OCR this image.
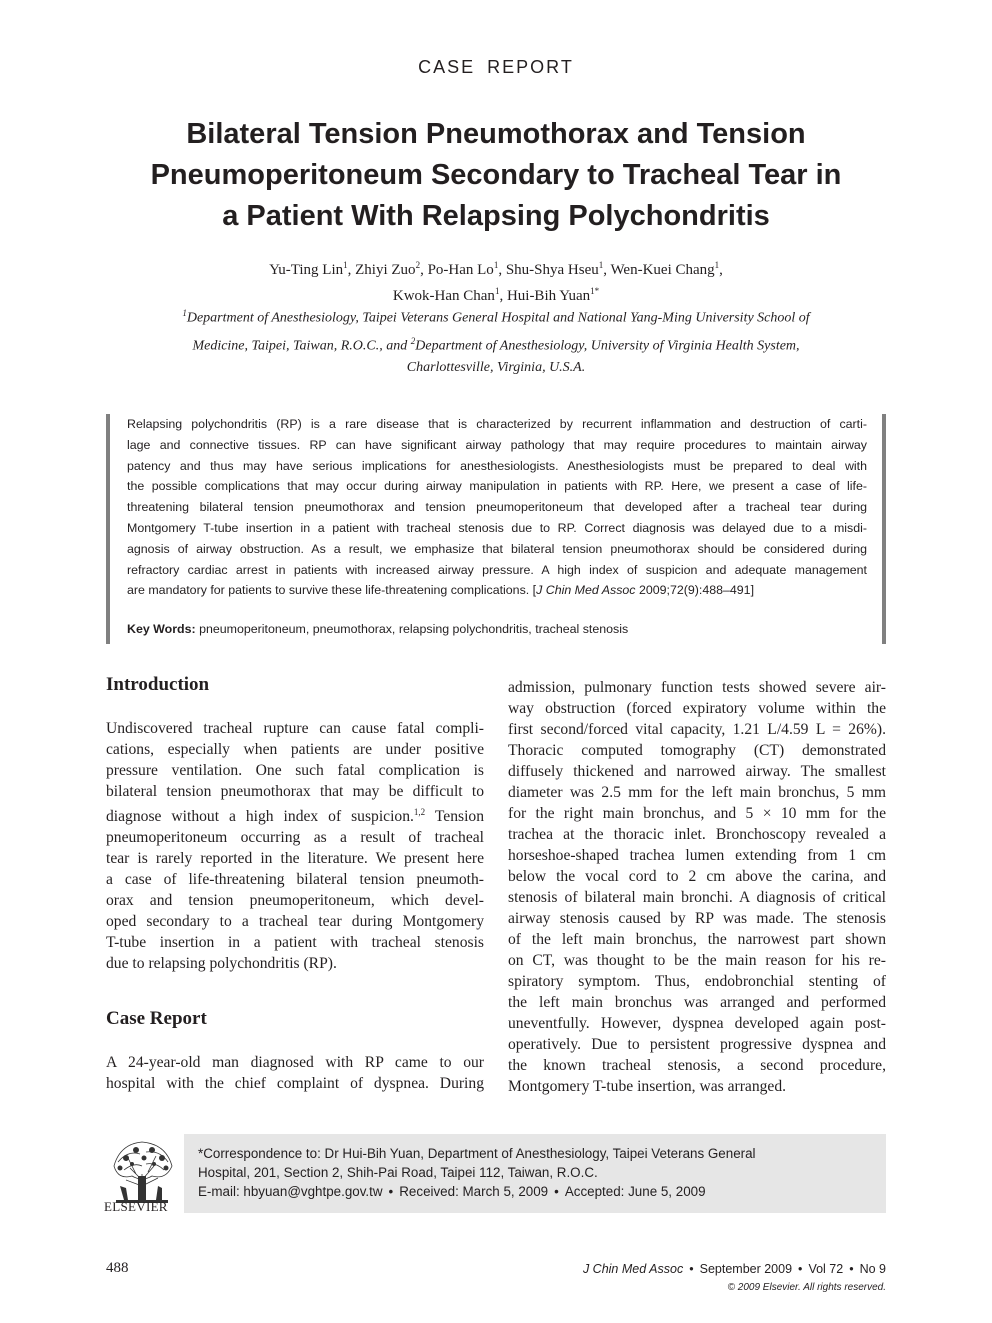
CASE REPORT
Bilateral Tension Pneumothorax and Tension
Pneumoperitoneum Secondary to Tracheal Tear in
a Patient With Relapsing Polychondritis
Yu-Ting Lin$^1$, Zhiyi Zuo$^2$, Po-Han Lo$^1$, Shu-Shya Hseu$^1$, Wen-Kuei Chang$^1$,
Kwok-Han Chan$^1$, Hui-Bih Yuan$^{1*}$
$^1$Department of Anesthesiology, Taipei Veterans General Hospital and National Yang-Ming University School of
Medicine, Taipei, Taiwan, R.O.C., and $^2$Department of Anesthesiology, University of Virginia Health System,
Charlottesville, Virginia, U.S.A.
Relapsing polychondritis (RP) is a rare disease that is characterized by recurrent inflammation and destruction of carti-
lage and connective tissues. RP can have significant airway pathology that may require procedures to maintain airway
patency and thus may have serious implications for anesthesiologists. Anesthesiologists must be prepared to deal with
the possible complications that may occur during airway manipulation in patients with RP. Here, we present a case of life-
threatening bilateral tension pneumothorax and tension pneumoperitoneum that developed after a tracheal tear during
Montgomery T-tube insertion in a patient with tracheal stenosis due to RP. Correct diagnosis was delayed due to a misdi-
agnosis of airway obstruction. As a result, we emphasize that bilateral tension pneumothorax should be considered during
refractory cardiac arrest in patients with increased airway pressure. A high index of suspicion and adequate management
are mandatory for patients to survive these life-threatening complications. [J Chin Med Assoc 2009;72(9):488–491]
Key Words: pneumoperitoneum, pneumothorax, relapsing polychondritis, tracheal stenosis
Introduction
Undiscovered tracheal rupture can cause fatal compli-
cations, especially when patients are under positive
pressure ventilation. One such fatal complication is
bilateral tension pneumothorax that may be difficult to
diagnose without a high index of suspicion.$^{1,2}$ Tension
pneumoperitoneum occurring as a result of tracheal
tear is rarely reported in the literature. We present here
a case of life-threatening bilateral tension pneumoth-
orax and tension pneumoperitoneum, which devel-
oped secondary to a tracheal tear during Montgomery
T-tube insertion in a patient with tracheal stenosis
due to relapsing polychondritis (RP).
Case Report
A 24-year-old man diagnosed with RP came to our
hospital with the chief complaint of dyspnea. During
admission, pulmonary function tests showed severe air-
way obstruction (forced expiratory volume within the
first second/forced vital capacity, 1.21 L/4.59 L = 26%).
Thoracic computed tomography (CT) demonstrated
diffusely thickened and narrowed airway. The smallest
diameter was 2.5 mm for the left main bronchus, 5 mm
for the right main bronchus, and 5 × 10 mm for the
trachea at the thoracic inlet. Bronchoscopy revealed a
horseshoe-shaped trachea lumen extending from 1 cm
below the vocal cord to 2 cm above the carina, and
stenosis of bilateral main bronchi. A diagnosis of critical
airway stenosis caused by RP was made. The stenosis
of the left main bronchus, the narrowest part shown
on CT, was thought to be the main reason for his re-
spiratory symptom. Thus, endobronchial stenting of
the left main bronchus was arranged and performed
uneventfully. However, dyspnea developed again post-
operatively. Due to persistent progressive dyspnea and
the known tracheal stenosis, a second procedure,
Montgomery T-tube insertion, was arranged.
ELSEVIER
*Correspondence to: Dr Hui-Bih Yuan, Department of Anesthesiology, Taipei Veterans General
Hospital, 201, Section 2, Shih-Pai Road, Taipei 112, Taiwan, R.O.C.
E-mail: hbyuan@vghtpe.gov.tw • Received: March 5, 2009 • Accepted: June 5, 2009
488	J Chin Med Assoc • September 2009 • Vol 72 • No 9
© 2009 Elsevier. All rights reserved.
